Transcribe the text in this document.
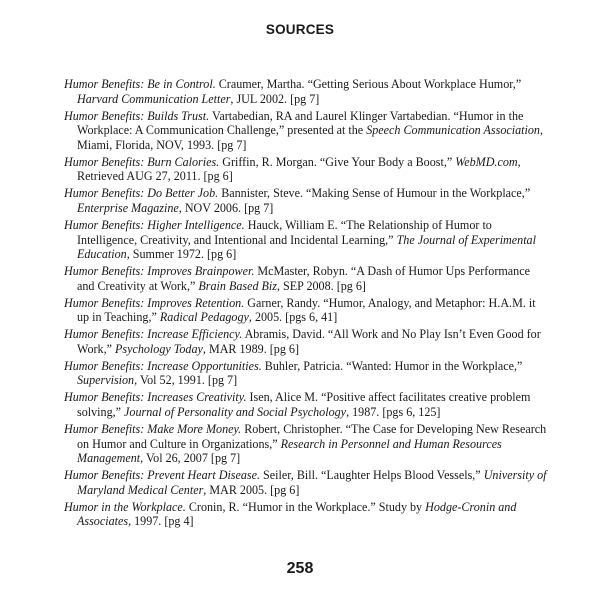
SOURCES
Humor Benefits: Be in Control. Craumer, Martha. “Getting Serious About Workplace Humor,” Harvard Communication Letter, JUL 2002. [pg 7]
Humor Benefits: Builds Trust. Vartabedian, RA and Laurel Klinger Vartabedian. “Humor in the Workplace: A Communication Challenge,” presented at the Speech Communication Association, Miami, Florida, NOV, 1993. [pg 7]
Humor Benefits: Burn Calories. Griffin, R. Morgan. “Give Your Body a Boost,” WebMD.com, Retrieved AUG 27, 2011. [pg 6]
Humor Benefits: Do Better Job. Bannister, Steve. “Making Sense of Humour in the Workplace,” Enterprise Magazine, NOV 2006. [pg 7]
Humor Benefits: Higher Intelligence. Hauck, William E. “The Relationship of Humor to Intelligence, Creativity, and Intentional and Incidental Learning,” The Journal of Experimental Education, Summer 1972. [pg 6]
Humor Benefits: Improves Brainpower. McMaster, Robyn. “A Dash of Humor Ups Performance and Creativity at Work,” Brain Based Biz, SEP 2008. [pg 6]
Humor Benefits: Improves Retention. Garner, Randy. “Humor, Analogy, and Metaphor: H.A.M. it up in Teaching,” Radical Pedagogy, 2005. [pgs 6, 41]
Humor Benefits: Increase Efficiency. Abramis, David. “All Work and No Play Isn’t Even Good for Work,” Psychology Today, MAR 1989. [pg 6]
Humor Benefits: Increase Opportunities. Buhler, Patricia. “Wanted: Humor in the Workplace,” Supervision, Vol 52, 1991. [pg 7]
Humor Benefits: Increases Creativity. Isen, Alice M. “Positive affect facilitates creative problem solving,” Journal of Personality and Social Psychology, 1987. [pgs 6, 125]
Humor Benefits: Make More Money. Robert, Christopher. “The Case for Developing New Research on Humor and Culture in Organizations,” Research in Personnel and Human Resources Management, Vol 26, 2007 [pg 7]
Humor Benefits: Prevent Heart Disease. Seiler, Bill. “Laughter Helps Blood Vessels,” University of Maryland Medical Center, MAR 2005. [pg 6]
Humor in the Workplace. Cronin, R. “Humor in the Workplace.” Study by Hodge-Cronin and Associates, 1997. [pg 4]
258
